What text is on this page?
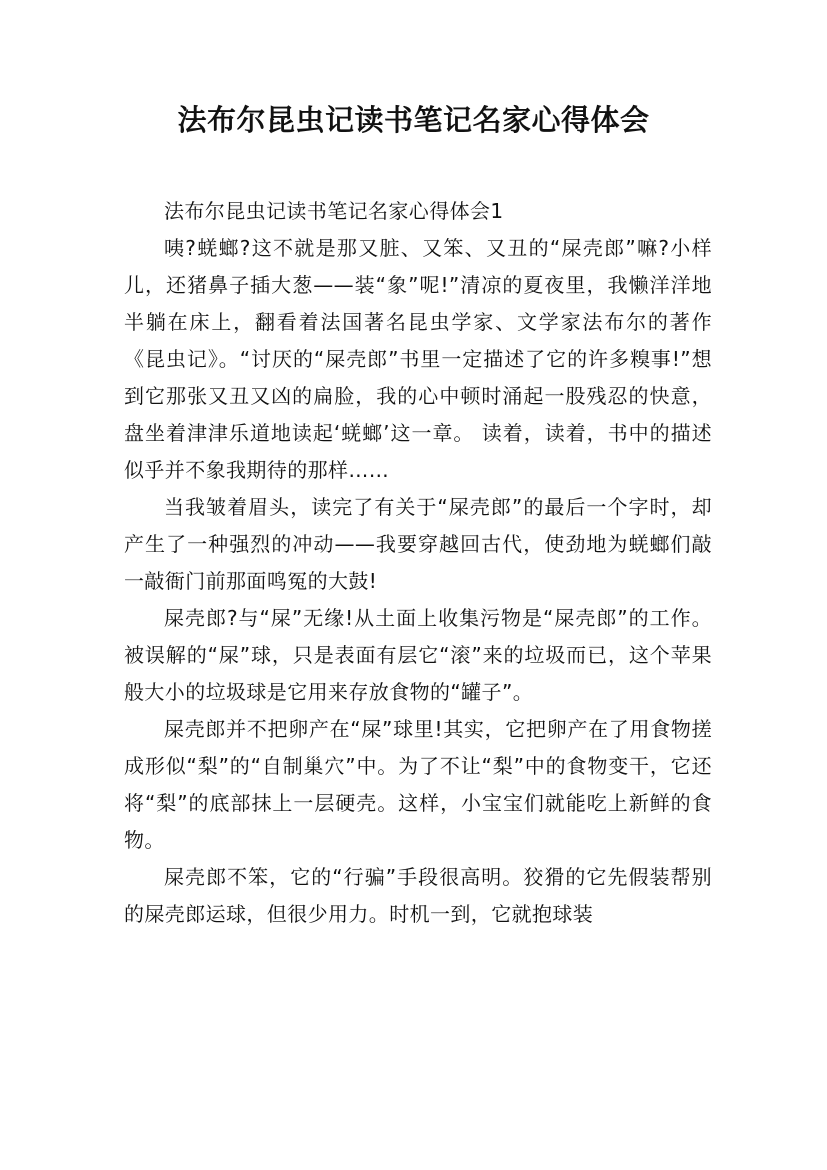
法布尔昆虫记读书笔记名家心得体会

法布尔昆虫记读书笔记名家心得体会1

咦?蜣螂?这不就是那又脏、又笨、又丑的“屎壳郎”嘛?小样儿，还猪鼻子插大葱——装“象”呢!”清凉的夏夜里，我懒洋洋地半躺在床上，翻看着法国著名昆虫学家、文学家法布尔的著作《昆虫记》。“讨厌的“屎壳郎”书里一定描述了它的许多糗事!”想到它那张又丑又凶的扁脸，我的心中顿时涌起一股残忍的快意，盘坐着津津乐道地读起‘蜣螂’这一章。 读着，读着，书中的描述似乎并不象我期待的那样……

当我皱着眉头，读完了有关于“屎壳郎”的最后一个字时，却产生了一种强烈的冲动——我要穿越回古代，使劲地为蜣螂们敲一敲衙门前那面鸣冤的大鼓!

屎壳郎?与“屎”无缘!从土面上收集污物是“屎壳郎”的工作。被误解的“屎”球，只是表面有层它“滚”来的垃圾而已，这个苹果般大小的垃圾球是它用来存放食物的“罐子”。

屎壳郎并不把卵产在“屎”球里!其实，它把卵产在了用食物搓成形似“梨”的“自制巢穴”中。为了不让“梨”中的食物变干，它还将“梨”的底部抹上一层硬壳。这样，小宝宝们就能吃上新鲜的食物。

屎壳郎不笨，它的“行骗”手段很高明。狡猾的它先假装帮别的屎壳郎运球，但很少用力。时机一到，它就抱球装
